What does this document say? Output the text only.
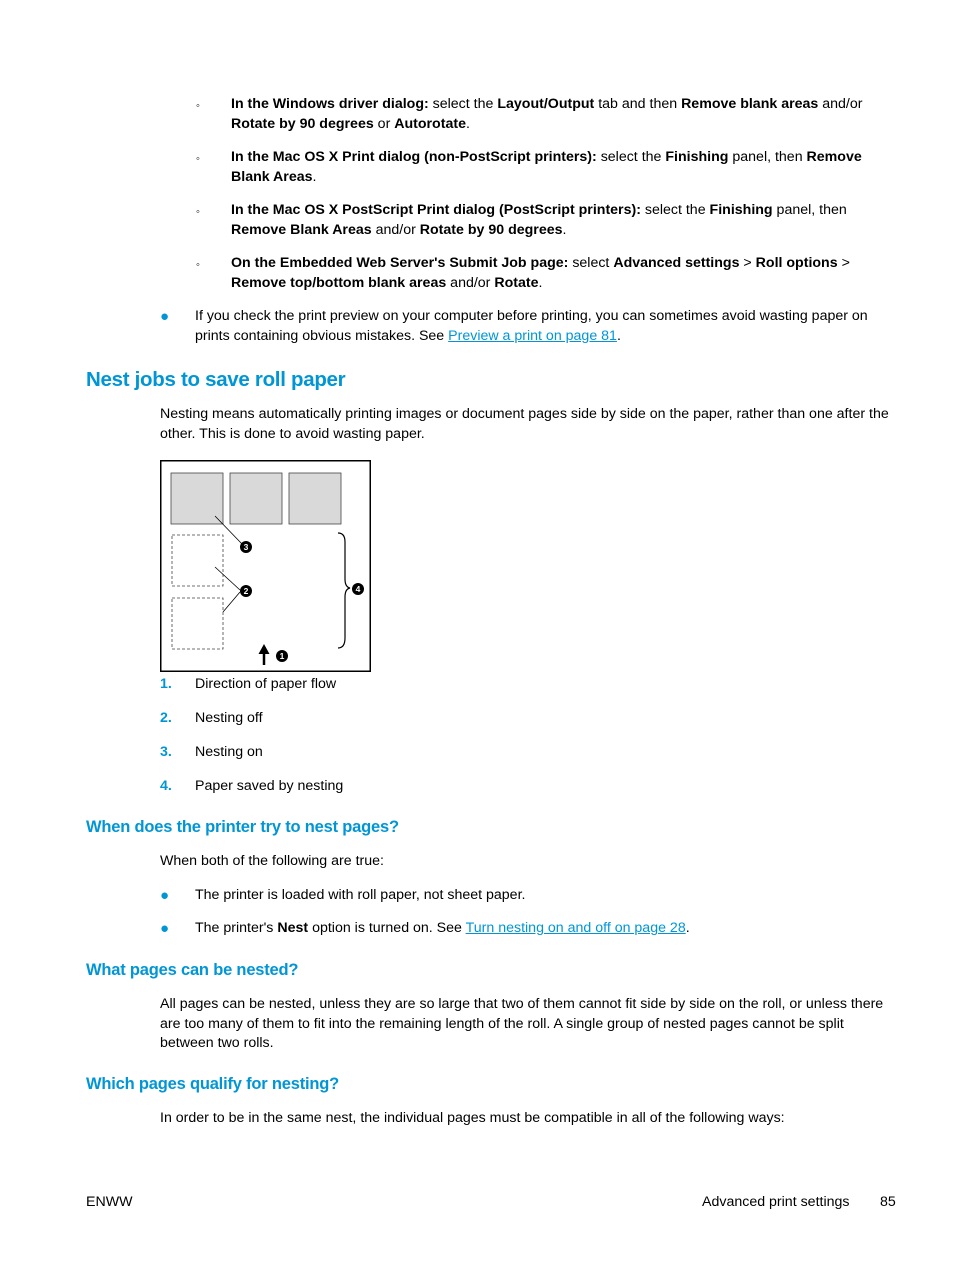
◦ In the Windows driver dialog: select the Layout/Output tab and then Remove blank areas and/or Rotate by 90 degrees or Autorotate.
◦ In the Mac OS X Print dialog (non-PostScript printers): select the Finishing panel, then Remove Blank Areas.
◦ In the Mac OS X PostScript Print dialog (PostScript printers): select the Finishing panel, then Remove Blank Areas and/or Rotate by 90 degrees.
◦ On the Embedded Web Server's Submit Job page: select Advanced settings > Roll options > Remove top/bottom blank areas and/or Rotate.
● If you check the print preview on your computer before printing, you can sometimes avoid wasting paper on prints containing obvious mistakes. See Preview a print on page 81.
Nest jobs to save roll paper
Nesting means automatically printing images or document pages side by side on the paper, rather than one after the other. This is done to avoid wasting paper.
1
2
3
4
1. Direction of paper flow
2. Nesting off
3. Nesting on
4. Paper saved by nesting
When does the printer try to nest pages?
When both of the following are true:
● The printer is loaded with roll paper, not sheet paper.
● The printer's Nest option is turned on. See Turn nesting on and off on page 28.
What pages can be nested?
All pages can be nested, unless they are so large that two of them cannot fit side by side on the roll, or unless there are too many of them to fit into the remaining length of the roll. A single group of nested pages cannot be split between two rolls.
Which pages qualify for nesting?
In order to be in the same nest, the individual pages must be compatible in all of the following ways:
ENWW	Advanced print settings 85
